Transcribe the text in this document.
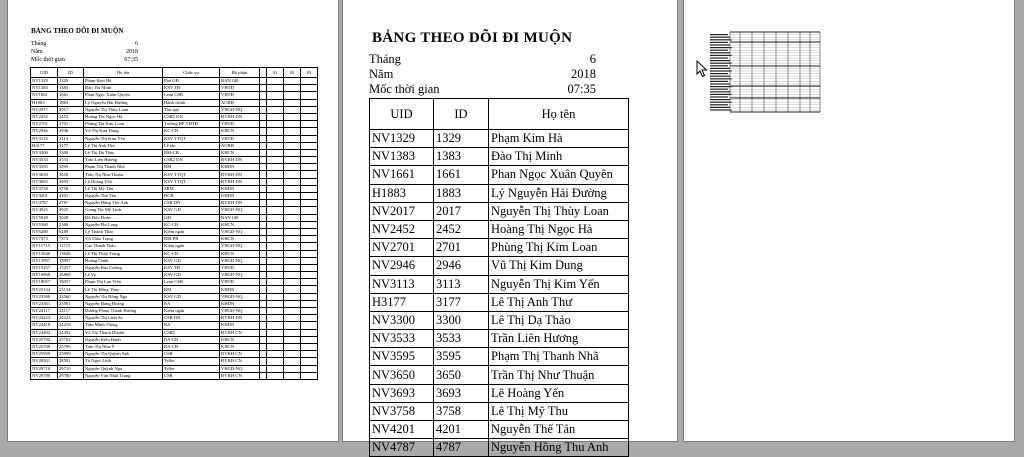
BẢNG THEO DÕI ĐI MUỘN
Tháng	6
Năm	2018
Mốc thời gian	07:35
UID	ID	Họ tên	Chức vụ	Bộ phận		01	02	03
NV1329	1329	Phạm Kim Hà	Phó GĐ	BAN GĐ				
NV1383	1383	Đào Thị Minh	KSV TĐ	VHTĐ				
NV1661	1661	Phan Ngọc Xuân Quyên	Lean CSR	VHTĐ				
H1883	1883	Lý Nguyễn Hải Đường	Hành chính	ACBH				
NV2017	2017	Nguyễn Thị Thùy Loan	Thủ quỹ	VHGD-NQ				
NV2452	2452	Hoàng Thị Ngọc Hà	CSR2 DN	ĐVKH DN				
NV2701	2701	Phùng Thị Kim Loan	Trưởng BP VHTĐ	VHTĐ				
NV2946	2946	Vũ Thị Kim Dung	KC-CB	KHCN				
NV3113	3113	Nguyễn Thị Kim Yến	KSV TTQT	VHTĐ				
H3177	3177	Lê Thị Anh Thư	Lễ tân	ACBH				
NV3300	3300	Lê Thị Dạ Thảo	RM-CB	KHCN				
NV3533	3533	Trần Liên Hương	CSR2 DN	ĐVKH DN				
NV3595	3595	Phạm Thị Thanh Nhã	RM	KHDN				
NV3650	3650	Trần Thị Như Thuận	KSV TTQT	ĐVKH DN				
NV3693	3693	Lê Hoàng Yến	KSV TTQT	ĐVKH DN				
NV3758	3758	Lê Thị Mỹ Thu	SRM	KHDN				
NV4201	4201	Nguyễn Thế Tân	HCB	KHDN				
NV4787	4787	Nguyễn Hồng Thu Anh	CSR DN	ĐVKH DN				
NV4925	4925	Giang Thị Mỹ Linh	KSV GD	VHGD-NQ				
NV5028	5028	Đỗ Đức Đoàn	GĐ	BAN GĐ				
NV5360	5360	Nguyễn Phi Long	KC-CB	KHCN				
NV6289	6289	Lý Thanh Thảo	Kiểm ngân	VHGD-NQ				
NV7373	7373	Vũ Thảo Trang	RM-PB	KHCN				
NV11715	11715	Cao Thanh Thảo	Kiểm ngân	VHGD-NQ				
NV13646	13646	Lê Thị Thùy Trang	KC-CB	KHCN				
NV13997	13997	Hoàng Oanh	KSV GD	VHGD-NQ				
NV15257	15257	Nguyễn Bảo Cương	KSV TĐ	VHTĐ				
NV16868	16868	Lê Vy	KSV GD	VHGD-NQ				
NV18057	18057	Phạm Thị Lan Viên	Lean CSR	VHTĐ				
NV23134	23134	Lê Thị Hồng Thủy	RM	KHDN				
NV23560	23560	Nguyễn Thị Hồng Nga	KSV GD	VHGD-NQ				
NV23561	23561	Nguyễn Đăng Hoàng	RA	KHDN				
NV24117	24117	Dương Phạm Thanh Hương	Kiểm ngân	VHGD-NQ				
NV24223	24223	Nguyễn Thị Linh Sa	CSR DN	ĐVKH DN				
NV24418	24418	Trần Minh Thông	RA	KHDN				
NV24492	24492	Võ Thị Thanh Duyên	CSR2	ĐVKH CN				
NV25702	25702	Nguyễn Kiều Hạnh	RA-CB	KHCN				
NV25709	25709	Trần Thị Như Ý	RA-CB	KHCN				
NV25999	25999	Nguyễn Thị Quỳnh Anh	CSR	ĐVKH CN				
NV28501	28501	Tô Ngọc Linh	Teller	ĐVKH CN				
NV29710	29710	Nguyễn Quỳnh Nga	Teller	VHGD-NQ				
NV29780	29780	Nguyễn Văn Nhật Trung	CSR	ĐVKH CN				
BẢNG THEO DÕI ĐI MUỘN
Tháng	6
Năm	2018
Mốc thời gian	07:35
UID	ID	Họ tên
NV1329	1329	Phạm Kim Hà
NV1383	1383	Đào Thị Minh
NV1661	1661	Phan Ngọc Xuân Quyên
H1883	1883	Lý Nguyễn Hải Đường
NV2017	2017	Nguyễn Thị Thùy Loan
NV2452	2452	Hoàng Thị Ngọc Hà
NV2701	2701	Phùng Thị Kim Loan
NV2946	2946	Vũ Thị Kim Dung
NV3113	3113	Nguyễn Thị Kim Yến
H3177	3177	Lê Thị Anh Thư
NV3300	3300	Lê Thị Dạ Thảo
NV3533	3533	Trần Liên Hương
NV3595	3595	Phạm Thị Thanh Nhã
NV3650	3650	Trần Thị Như Thuận
NV3693	3693	Lê Hoàng Yến
NV3758	3758	Lê Thị Mỹ Thu
NV4201	4201	Nguyễn Thế Tân
NV4787	4787	Nguyễn Hồng Thu Anh
